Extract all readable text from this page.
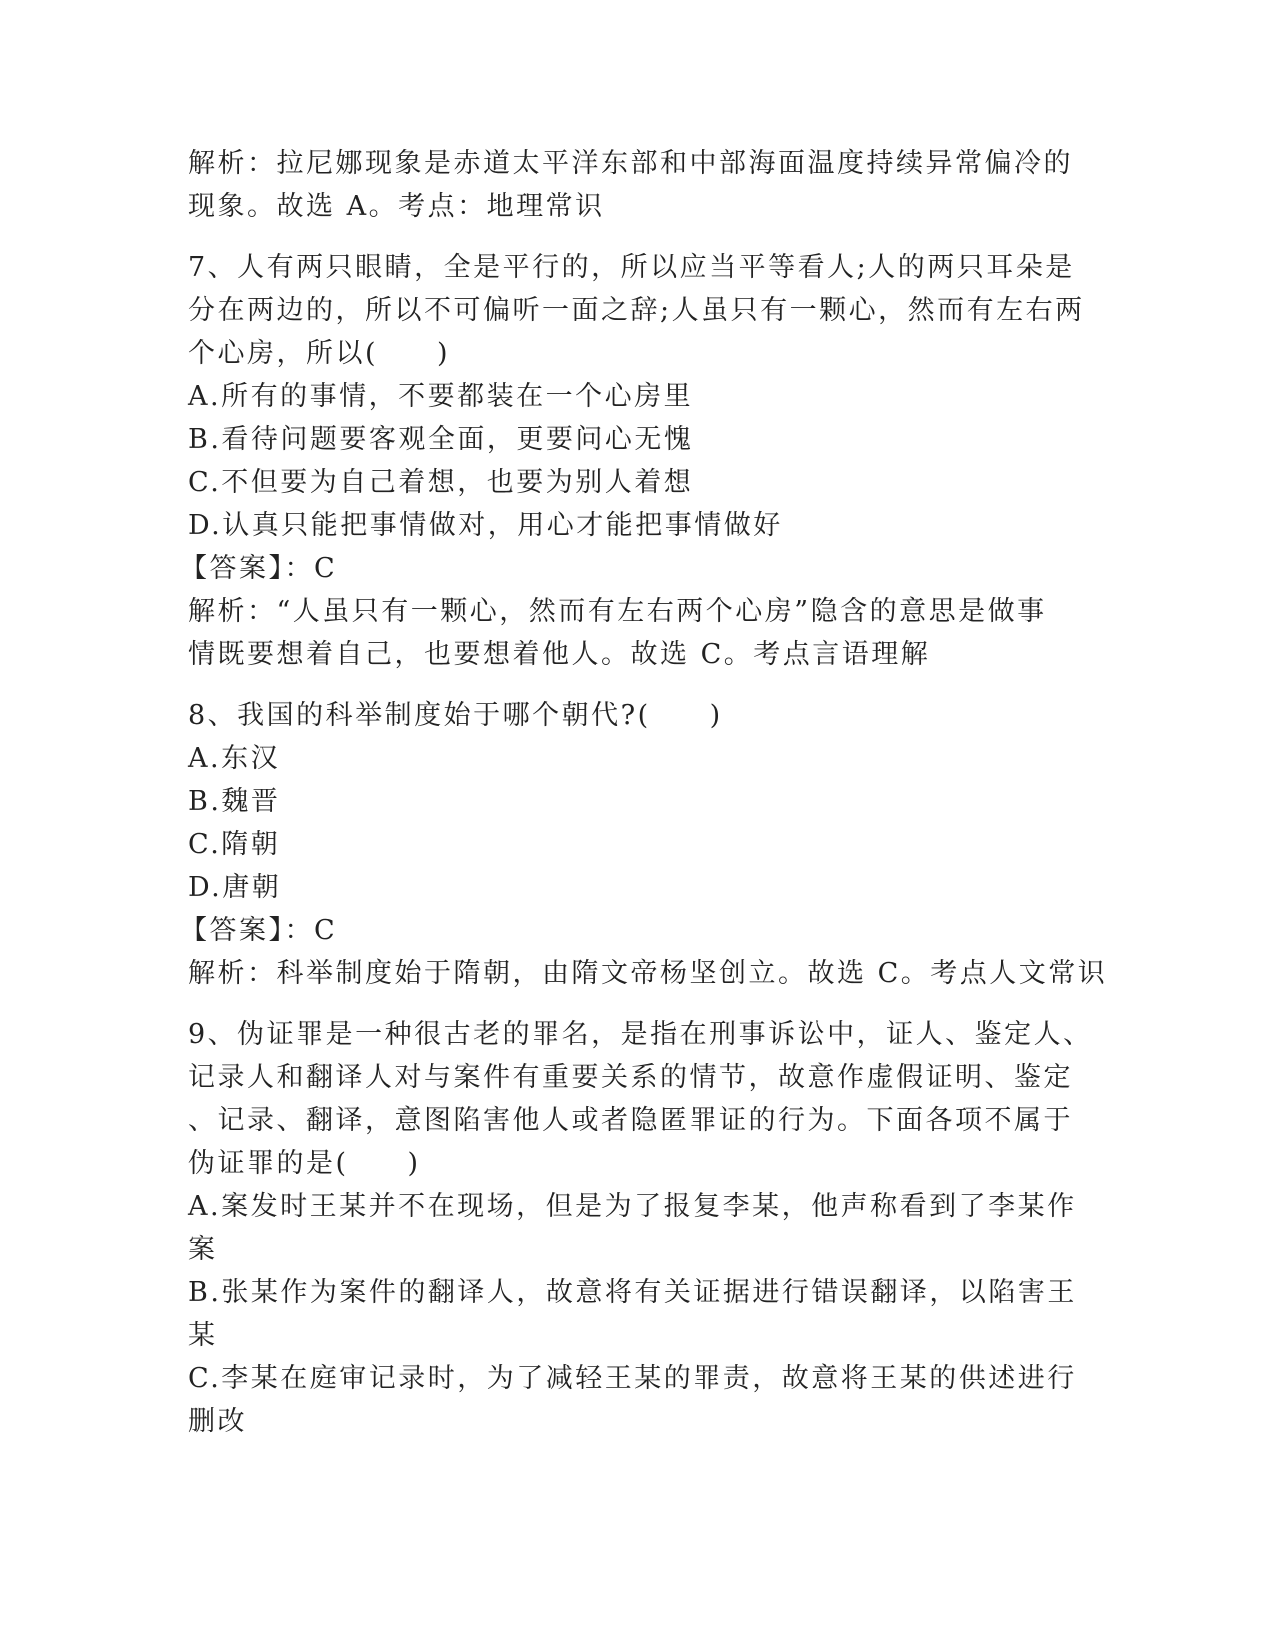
解析：拉尼娜现象是赤道太平洋东部和中部海面温度持续异常偏冷的
现象。故选 A。考点：地理常识
7、人有两只眼睛，全是平行的，所以应当平等看人;人的两只耳朵是
分在两边的，所以不可偏听一面之辞;人虽只有一颗心，然而有左右两
个心房，所以(　　)
A.所有的事情，不要都装在一个心房里
B.看待问题要客观全面，更要问心无愧
C.不但要为自己着想，也要为别人着想
D.认真只能把事情做对，用心才能把事情做好
【答案】：C
解析：“人虽只有一颗心，然而有左右两个心房”隐含的意思是做事
情既要想着自己，也要想着他人。故选 C。考点言语理解
8、我国的科举制度始于哪个朝代?(　　)
A.东汉
B.魏晋
C.隋朝
D.唐朝
【答案】：C
解析：科举制度始于隋朝，由隋文帝杨坚创立。故选 C。考点人文常识
9、伪证罪是一种很古老的罪名，是指在刑事诉讼中，证人、鉴定人、
记录人和翻译人对与案件有重要关系的情节，故意作虚假证明、鉴定
、记录、翻译，意图陷害他人或者隐匿罪证的行为。下面各项不属于
伪证罪的是(　　)
A.案发时王某并不在现场，但是为了报复李某，他声称看到了李某作
案
B.张某作为案件的翻译人，故意将有关证据进行错误翻译，以陷害王
某
C.李某在庭审记录时，为了减轻王某的罪责，故意将王某的供述进行
删改
